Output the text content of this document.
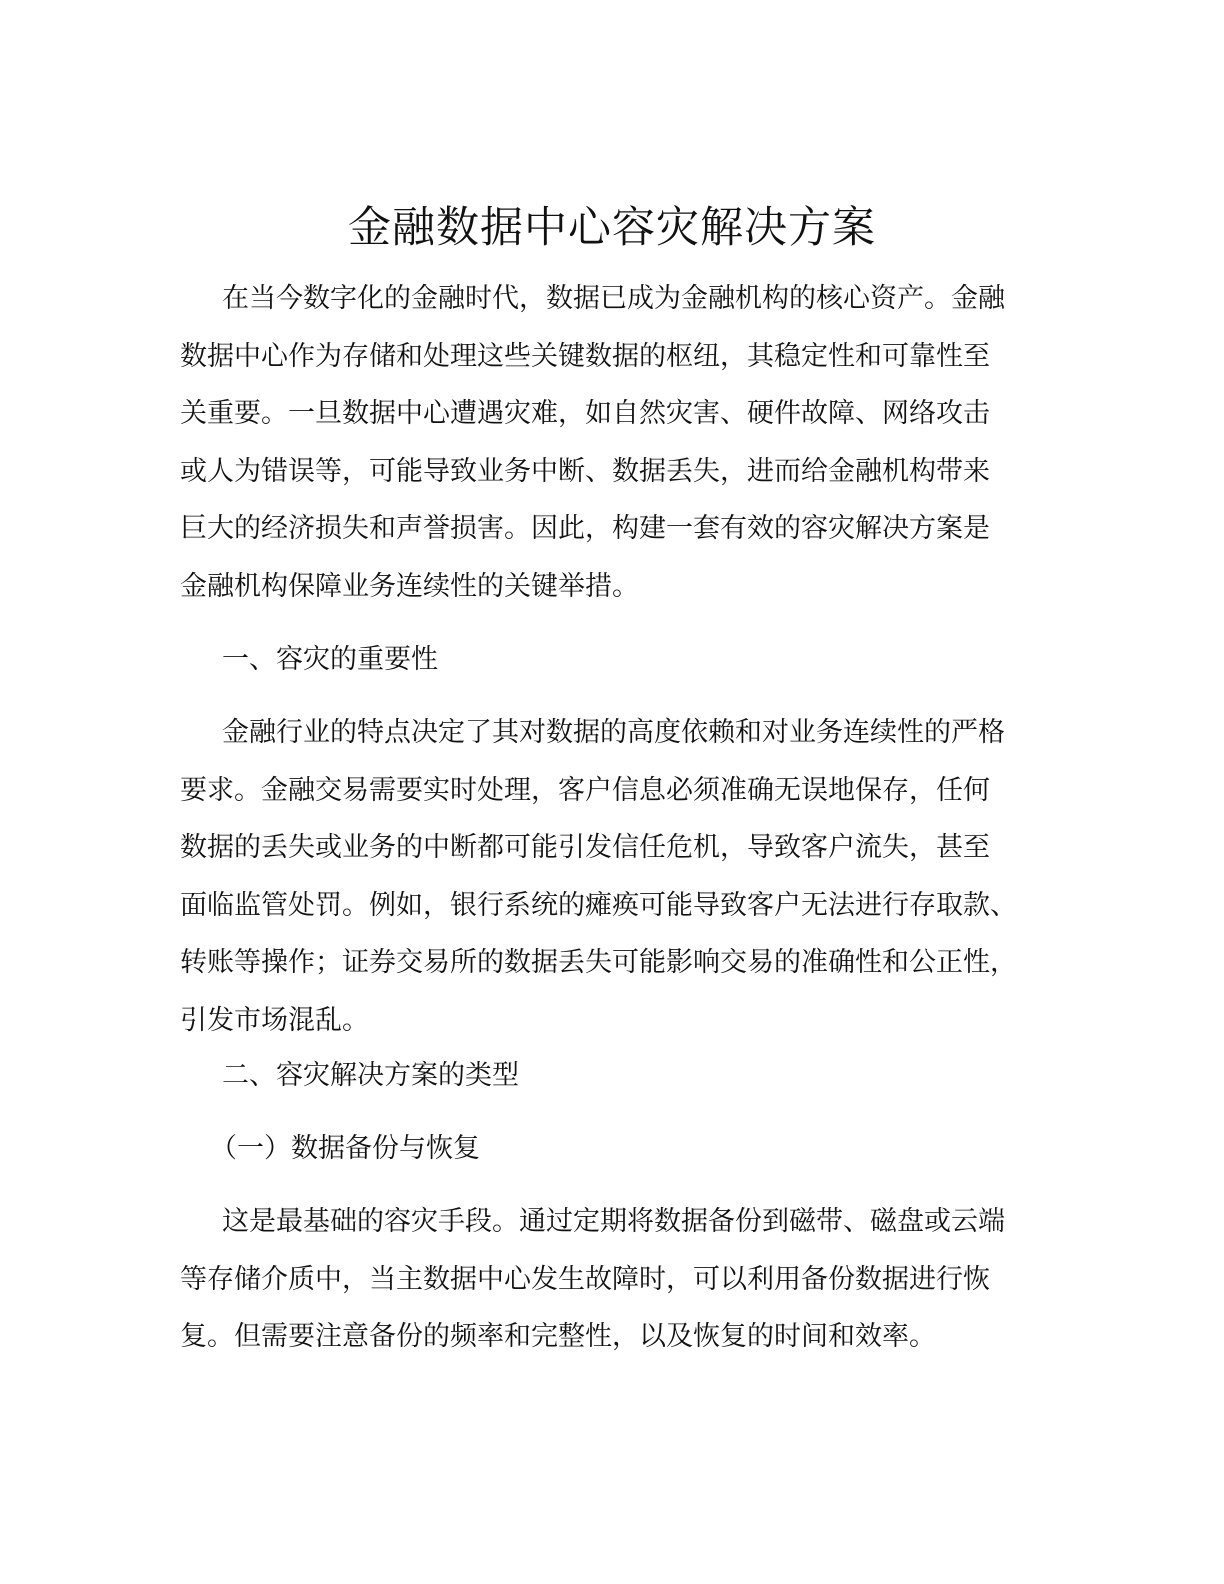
金融数据中心容灾解决方案
在当今数字化的金融时代，数据已成为金融机构的核心资产。金融
数据中心作为存储和处理这些关键数据的枢纽，其稳定性和可靠性至
关重要。一旦数据中心遭遇灾难，如自然灾害、硬件故障、网络攻击
或人为错误等，可能导致业务中断、数据丢失，进而给金融机构带来
巨大的经济损失和声誉损害。因此，构建一套有效的容灾解决方案是
金融机构保障业务连续性的关键举措。
一、容灾的重要性
金融行业的特点决定了其对数据的高度依赖和对业务连续性的严格
要求。金融交易需要实时处理，客户信息必须准确无误地保存，任何
数据的丢失或业务的中断都可能引发信任危机，导致客户流失，甚至
面临监管处罚。例如，银行系统的瘫痪可能导致客户无法进行存取款、
转账等操作；证券交易所的数据丢失可能影响交易的准确性和公正性，
引发市场混乱。
二、容灾解决方案的类型
（一）数据备份与恢复
这是最基础的容灾手段。通过定期将数据备份到磁带、磁盘或云端
等存储介质中，当主数据中心发生故障时，可以利用备份数据进行恢
复。但需要注意备份的频率和完整性，以及恢复的时间和效率。
